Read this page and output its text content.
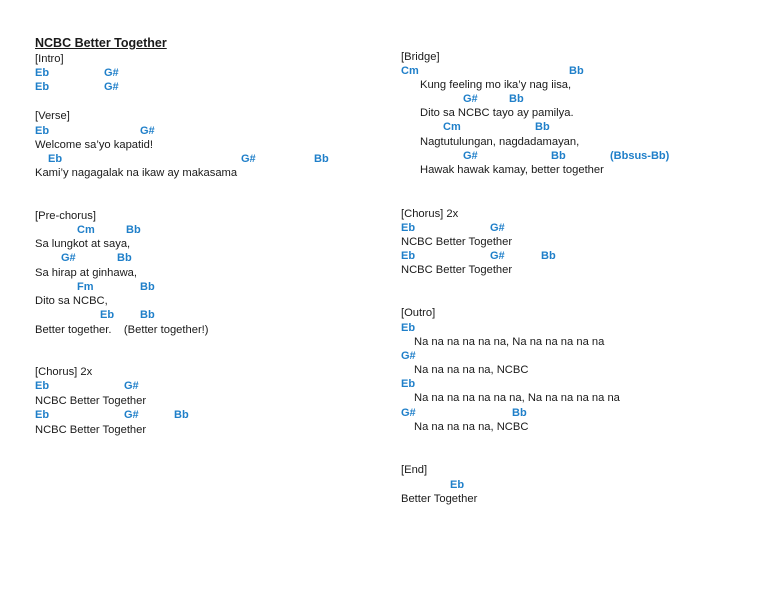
NCBC Better Together
[Intro]
Eb	G#
Eb	G#
[Verse]
Eb	G#
Welcome sa’yo kapatid!
Eb	G#	Bb
Kami’y nagagalak na ikaw ay makasama
[Pre-chorus]
Cm	Bb
Sa lungkot at saya,
G#	Bb
Sa hirap at ginhawa,
Fm	Bb
Dito sa NCBC,
Eb Bb
Better together.    (Better together!)
[Chorus] 2x
Eb	G#
NCBC Better Together
Eb	G#	Bb
NCBC Better Together
[Bridge]
Cm	Bb
Kung feeling mo ika’y nag iisa,
G#	Bb
Dito sa NCBC tayo ay pamilya.
Cm	Bb
Nagtutulungan, nagdadamayan,
G#	Bb	(Bbsus-Bb)
Hawak hawak kamay, better together
[Chorus] 2x
Eb	G#
NCBC Better Together
Eb	G#	Bb
NCBC Better Together
[Outro]
Eb
Na na na na na na, Na na na na na na
G#
Na na na na na, NCBC
Eb
Na na na na na na na, Na na na na na na
G#	Bb
Na na na na na, NCBC
[End]
Eb
Better Together
